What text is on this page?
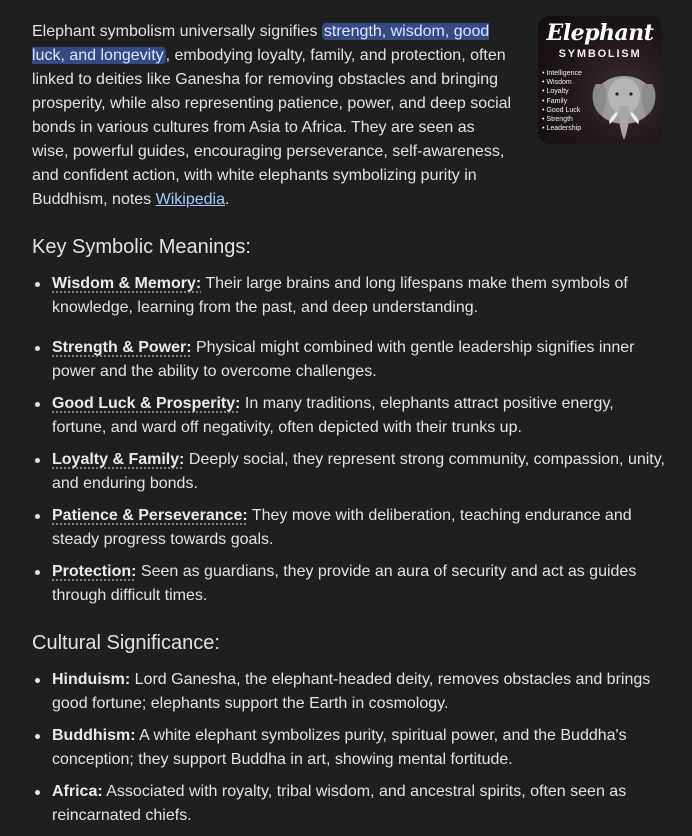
Elephant
SYMBOLISM
• Intelligence
• Wisdom
• Loyalty
• Family
• Good Luck
• Strength
• Leadership

Elephant symbolism universally signifies strength, wisdom, good luck, and longevity , embodying loyalty, family, and protection, often linked to deities like Ganesha for removing obstacles and bringing prosperity, while also representing patience, power, and deep social bonds in various cultures from Asia to Africa. They are seen as wise, powerful guides, encouraging perseverance, self-awareness, and confident action, with white elephants symbolizing purity in Buddhism, notes Wikipedia.

Key Symbolic Meanings:
Wisdom & Memory: Their large brains and long lifespans make them symbols of knowledge, learning from the past, and deep understanding.
Strength & Power: Physical might combined with gentle leadership signifies inner power and the ability to overcome challenges.
Good Luck & Prosperity: In many traditions, elephants attract positive energy, fortune, and ward off negativity, often depicted with their trunks up.
Loyalty & Family: Deeply social, they represent strong community, compassion, unity, and enduring bonds.
Patience & Perseverance: They move with deliberation, teaching endurance and steady progress towards goals.
Protection: Seen as guardians, they provide an aura of security and act as guides through difficult times.
Cultural Significance:
Hinduism: Lord Ganesha, the elephant-headed deity, removes obstacles and brings good fortune; elephants support the Earth in cosmology.
Buddhism: A white elephant symbolizes purity, spiritual power, and the Buddha's conception; they support Buddha in art, showing mental fortitude.
Africa: Associated with royalty, tribal wisdom, and ancestral spirits, often seen as reincarnated chiefs.
